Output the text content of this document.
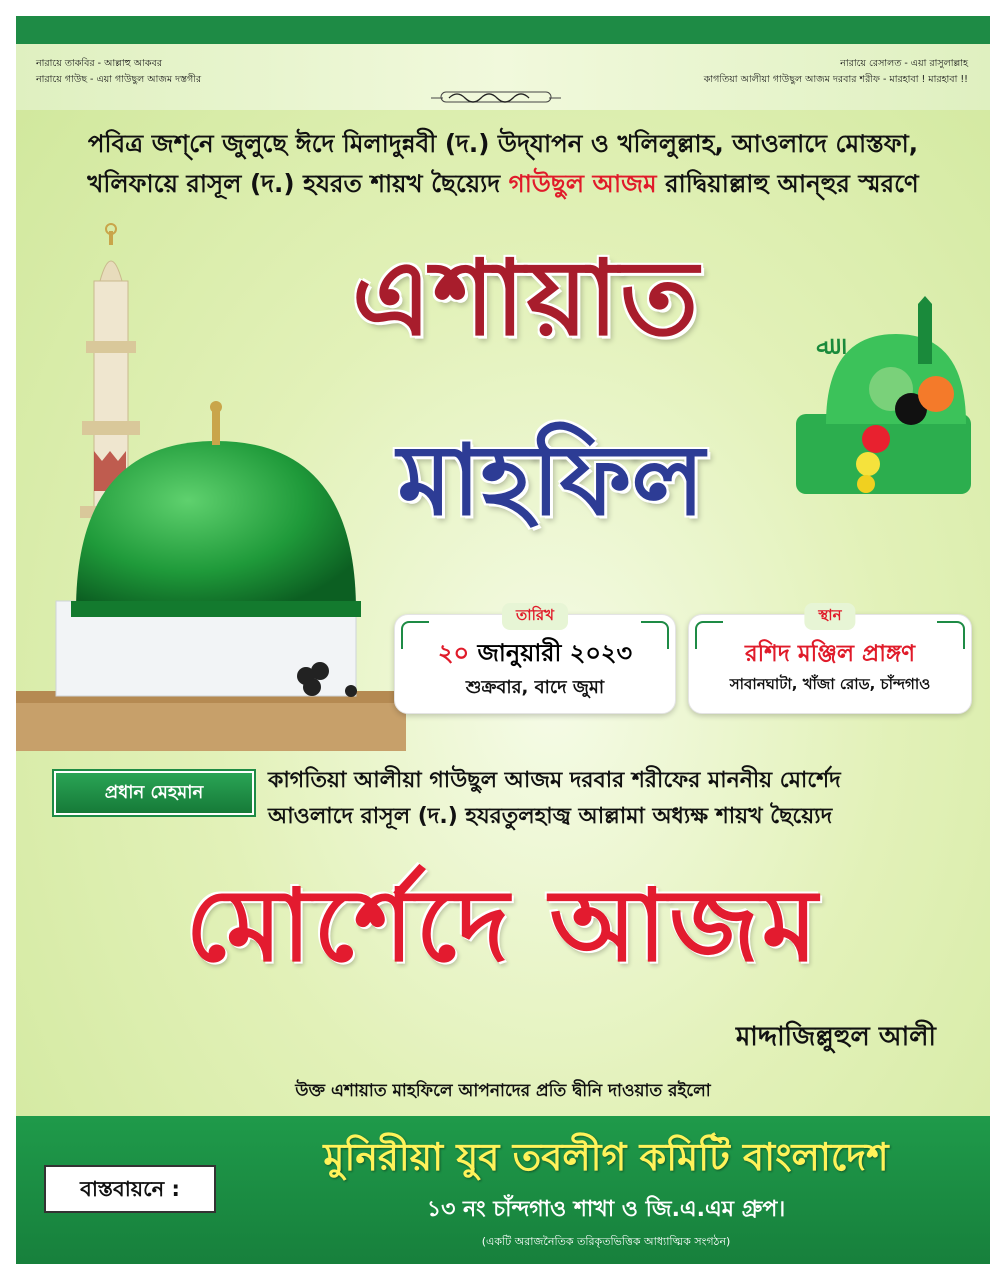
নারায়ে তাকবির - আল্লাহু আকবর
নারায়ে গাউছ - এয়া গাউছুল আজম দস্তগীর
নারায়ে রেসালত - এয়া রাসুলাল্লাহ
কাগতিয়া আলীয়া গাউছুল আজম দরবার শরীফ - মারহাবা ! মারহাবা !!
পবিত্র জশ্‌নে জুলুছে ঈদে মিলাদুন্নবী (দ.) উদ্‌যাপন ও খলিলুল্লাহ, আওলাদে মোস্তফা,
খলিফায়ে রাসূল (দ.) হযরত শায়খ ছৈয়্যেদ গাউছুল আজম রাদ্বিয়াল্লাহু আন্‌হুর স্মরণে
এশায়াত
মাহফিল
ﷲ
তারিখ
২০ জানুয়ারী ২০২৩
শুক্রবার, বাদে জুমা
স্থান
রশিদ মঞ্জিল প্রাঙ্গণ
সাবানঘাটা, খাঁজা রোড, চাঁন্দগাও
প্রধান মেহমান	কাগতিয়া আলীয়া গাউছুল আজম দরবার শরীফের মাননীয় মোর্শেদ
আওলাদে রাসূল (দ.) হযরতুলহাজ্ব আল্লামা অধ্যক্ষ শায়খ ছৈয়্যেদ
মোর্শেদে আজম
মাদ্দাজিল্লুহুল আলী
উক্ত এশায়াত মাহফিলে আপনাদের প্রতি দ্বীনি দাওয়াত রইলো
বাস্তবায়নে :
মুনিরীয়া যুব তবলীগ কমিটি বাংলাদেশ
১৩ নং চাঁন্দগাও শাখা ও জি.এ.এম গ্রুপ।
(একটি অরাজনৈতিক তরিকৃতভিত্তিক আধ্যাত্মিক সংগঠন)
